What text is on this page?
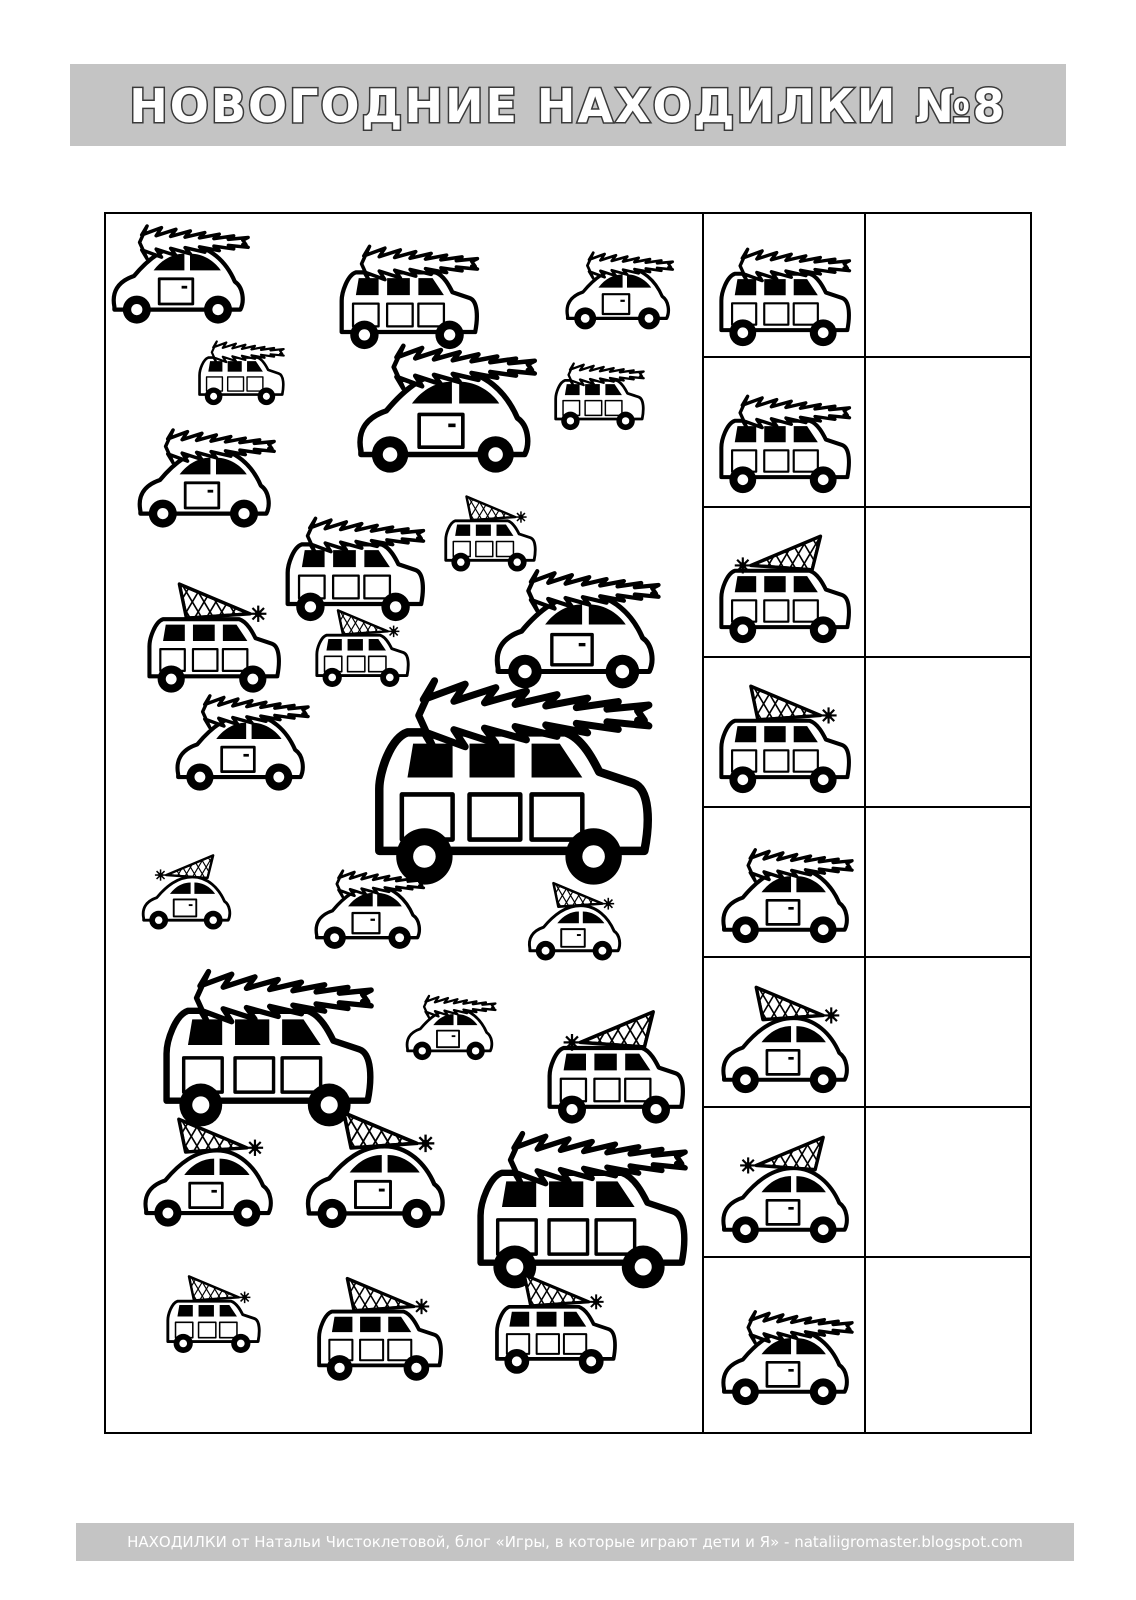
НОВОГОДНИЕ НАХОДИЛКИ №8
НАХОДИЛКИ от Натальи Чистоклетовой, блог «Игры, в которые играют дети и Я» - nataliigromaster.blogspot.com
